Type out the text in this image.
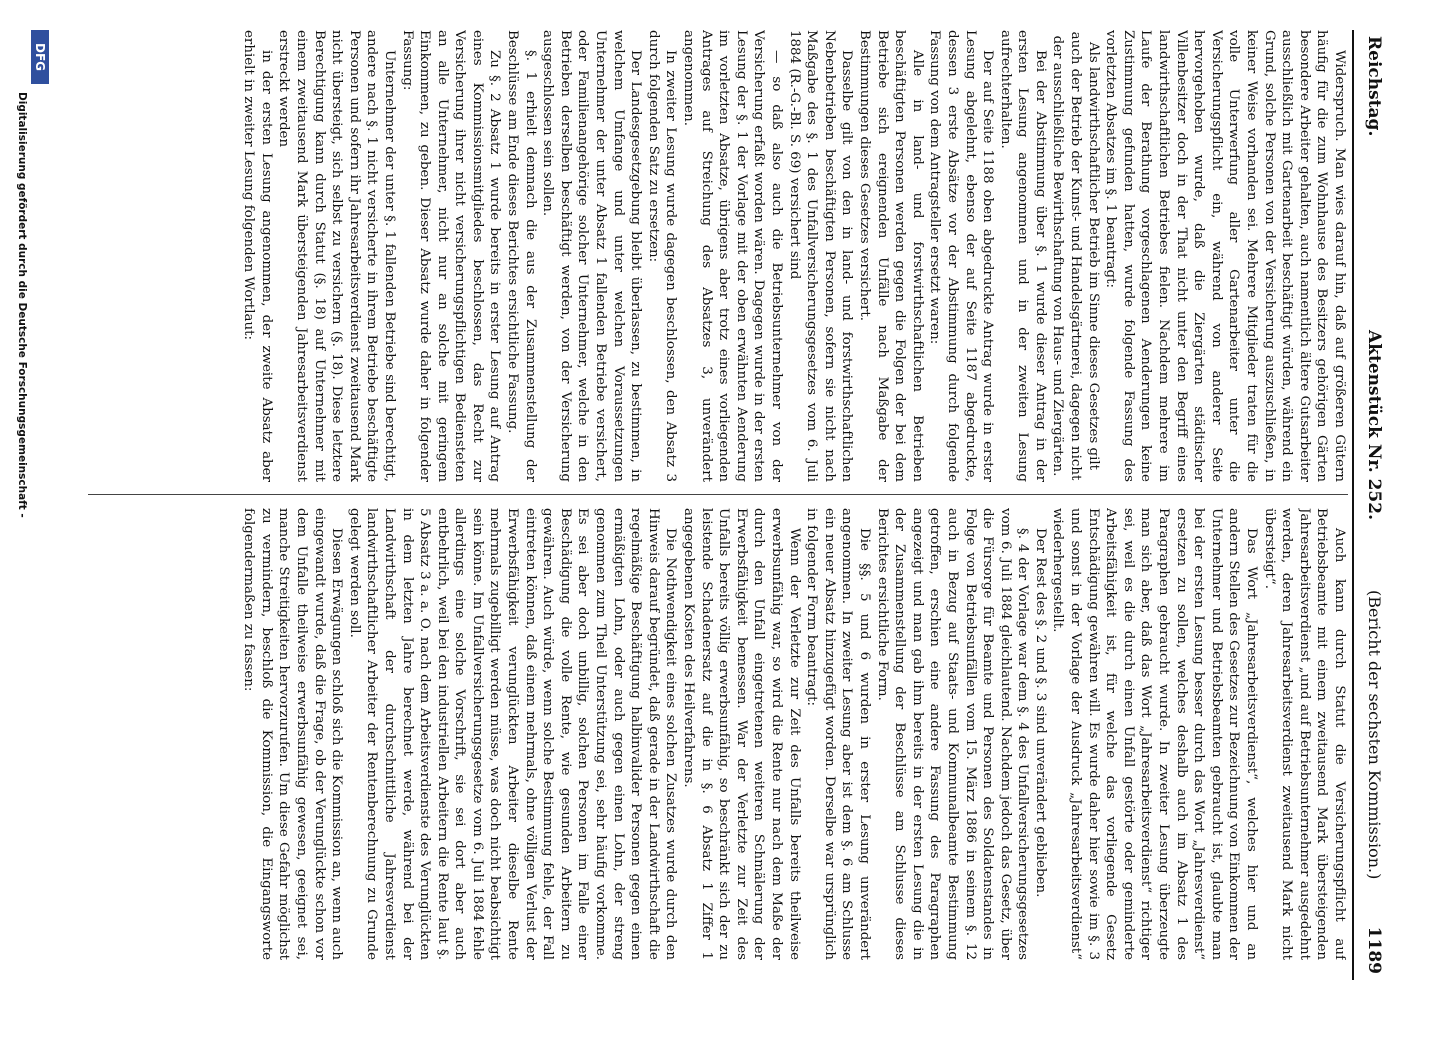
Reichstag.
Aktenstück Nr. 252.
(Bericht der sechsten Kommission.)
1189

Widerspruch. Man wies darauf hin, daß auf größeren Gütern häufig für die zum Wohnhause des Besitzers gehörigen Gärten besondere Arbeiter gehalten, auch namentlich ältere Gutsarbeiter ausschließlich mit Gartenarbeit beschäftigt würden, während ein Grund, solche Personen von der Versicherung auszuschließen, in keiner Weise vorhanden sei. Mehrere Mitglieder traten für die volle Unterwerfung aller Gartenarbeiter unter die Versicherungspflicht ein, während von anderer Seite hervorgehoben wurde, daß die Ziergärten städtischer Villenbesitzer doch in der That nicht unter den Begriff eines landwirthschaftlichen Betriebes fielen. Nachdem mehrere im Laufe der Berathung vorgeschlagenen Aenderungen keine Zustimmung gefunden hatten, wurde folgende Fassung des vorletzten Absatzes im §. 1 beantragt:

Als landwirthschaftlicher Betrieb im Sinne dieses Gesetzes gilt auch der Betrieb der Kunst- und Handelsgärtnerei, dagegen nicht der ausschließliche Bewirthschaftung von Haus- und Ziergärten.

Bei der Abstimmung über §. 1 wurde dieser Antrag in der ersten Lesung angenommen und in der zweiten Lesung aufrechterhalten.

Der auf Seite 1188 oben abgedruckte Antrag wurde in erster Lesung abgelehnt, ebenso der auf Seite 1187 abgedruckte, dessen 3 erste Absätze vor der Abstimmung durch folgende Fassung von dem Antragsteller ersetzt waren:

Alle in land- und forstwirthschaftlichen Betrieben beschäftigten Personen werden gegen die Folgen der bei dem Betriebe sich ereignenden Unfälle nach Maßgabe der Bestimmungen dieses Gesetzes versichert.

Dasselbe gilt von den in land- und forstwirthschaftlichen Nebenbetrieben beschäftigten Personen, sofern sie nicht nach Maßgabe des §. 1 des Unfallversicherungsgesetzes vom 6. Juli 1884 (R.-G.-Bl. S. 69) versichert sind

— so daß also auch die Betriebsunternehmer von der Versicherung erfaßt worden wären. Dagegen wurde in der ersten Lesung der §. 1 der Vorlage mit der oben erwähnten Aenderung im vorletzten Absatze, übrigens aber trotz eines vorliegenden Antrages auf Streichung des Absatzes 3, unverändert angenommen.

In zweiter Lesung wurde dagegen beschlossen, den Absatz 3 durch folgenden Satz zu ersetzen:

Der Landesgesetzgebung bleibt überlassen, zu bestimmen, in welchem Umfange und unter welchen Voraussetzungen Unternehmer der unter Absatz 1 fallenden Betriebe versichert, oder Familienangehörige solcher Unternehmer, welche in den Betrieben derselben beschäftigt werden, von der Versicherung ausgeschlossen sein sollen.

§. 1 erhielt demnach die aus der Zusammenstellung der Beschlüsse am Ende dieses Berichtes ersichtliche Fassung.

Zu §. 2 Absatz 1 wurde bereits in erster Lesung auf Antrag eines Kommissionsmitgliedes beschlossen, das Recht zur Versicherung ihrer nicht versicherungspflichtigen Bediensteten an alle Unternehmer, nicht nur an solche mit geringem Einkommen, zu geben. Dieser Absatz wurde daher in folgender Fassung:

Unternehmer der unter §. 1 fallenden Betriebe sind berechtigt, andere nach §. 1 nicht versicherte in ihrem Betriebe beschäftigte Personen und sofern ihr Jahresarbeitsverdienst zweitausend Mark nicht übersteigt, sich selbst zu versichern (§. 18). Diese letztere Berechtigung kann durch Statut (§. 18) auf Unternehmer mit einem zweitausend Mark übersteigenden Jahresarbeitsverdienst erstreckt werden

in der ersten Lesung angenommen, der zweite Absatz aber erhielt in zweiter Lesung folgenden Wortlaut:

Auch kann durch Statut die Versicherungspflicht auf Betriebsbeamte mit einem zweitausend Mark übersteigenden Jahresarbeitsverdienst „und auf Betriebsunternehmer ausgedehnt werden, deren Jahresarbeitsverdienst zweitausend Mark nicht übersteigt“.

Das Wort „Jahresarbeitsverdienst“, welches hier und an andern Stellen des Gesetzes zur Bezeichnung von Einkommen der Unternehmer und Betriebsbeamten gebraucht ist, glaubte man bei der ersten Lesung besser durch das Wort „Jahresverdienst“ ersetzen zu sollen, welches deshalb auch im Absatz 1 des Paragraphen gebraucht wurde. In zweiter Lesung überzeugte man sich aber, daß das Wort „Jahresarbeitsverdienst“ richtiger sei, weil es die durch einen Unfall gestörte oder geminderte Arbeitsfähigkeit ist, für welche das vorliegende Gesetz Entschädigung gewähren will. Es wurde daher hier sowie im §. 3 und sonst in der Vorlage der Ausdruck „Jahresarbeitsverdienst“ wiederhergestellt.

Der Rest des §. 2 und §. 3 sind unverändert geblieben.

§. 4 der Vorlage war dem §. 4 des Unfallversicherungsgesetzes vom 6. Juli 1884 gleichlautend. Nachdem jedoch das Gesetz, über die Fürsorge für Beamte und Personen des Soldatenstandes in Folge von Betriebsunfällen vom 15. März 1886 in seinem §. 12 auch in Bezug auf Staats- und Kommunalbeamte Bestimmung getroffen, erschien eine andere Fassung des Paragraphen angezeigt und man gab ihm bereits in der ersten Lesung die in der Zusammenstellung der Beschlüsse am Schlusse dieses Berichtes ersichtliche Form.

Die §§. 5 und 6 wurden in erster Lesung unverändert angenommen. In zweiter Lesung aber ist dem §. 6 am Schlusse ein neuer Absatz hinzugefügt worden. Derselbe war ursprünglich in folgender Form beantragt:

Wenn der Verletzte zur Zeit des Unfalls bereits theilweise erwerbsunfähig war, so wird die Rente nur nach dem Maße der durch den Unfall eingetretenen weiteren Schmälerung der Erwerbsfähigkeit bemessen. War der Verletzte zur Zeit des Unfalls bereits völlig erwerbsunfähig, so beschränkt sich der zu leistende Schadenersatz auf die in §. 6 Absatz 1 Ziffer 1 angegebenen Kosten des Heilverfahrens.

Die Nothwendigkeit eines solchen Zusatzes wurde durch den Hinweis darauf begründet, daß gerade in der Landwirthschaft die regelmäßige Beschäftigung halbinvalider Personen gegen einen ermäßigten Lohn, oder auch gegen einen Lohn, der streng genommen zum Theil Unterstützung sei, sehr häufig vorkomme. Es sei aber doch unbillig, solchen Personen im Falle einer Beschädigung die volle Rente, wie gesunden Arbeitern zu gewähren. Auch würde, wenn solche Bestimmung fehle, der Fall eintreten können, daß einem mehrmals, ohne völligen Verlust der Erwerbsfähigkeit verunglückten Arbeiter dieselbe Rente mehrmals zugebilligt werden müsse, was doch nicht beabsichtigt sein könne. Im Unfallversicherungsgesetze vom 6. Juli 1884 fehle allerdings eine solche Vorschrift, sie sei dort aber auch entbehrlich, weil bei den industriellen Arbeitern die Rente laut §. 5 Absatz 3 a. a. O. nach dem Arbeitsverdienste des Verunglückten in dem letzten Jahre berechnet werde, während bei der Landwirthschaft der durchschnittliche Jahresverdienst landwirthschaftlicher Arbeiter der Rentenberechnung zu Grunde gelegt werden soll.

Diesen Erwägungen schloß sich die Kommission an, wenn auch eingewandt wurde, daß die Frage, ob der Verunglückte schon vor dem Unfalle theilweise erwerbsunfähig gewesen, geeignet sei, manche Streitigkeiten hervorzurufen. Um diese Gefahr möglichst zu vermindern, beschloß die Kommission, die Eingangsworte folgendermaßen zu fassen:

DFG
Digitalisierung gefördert durch die Deutsche Forschungsgemeinschaft -
